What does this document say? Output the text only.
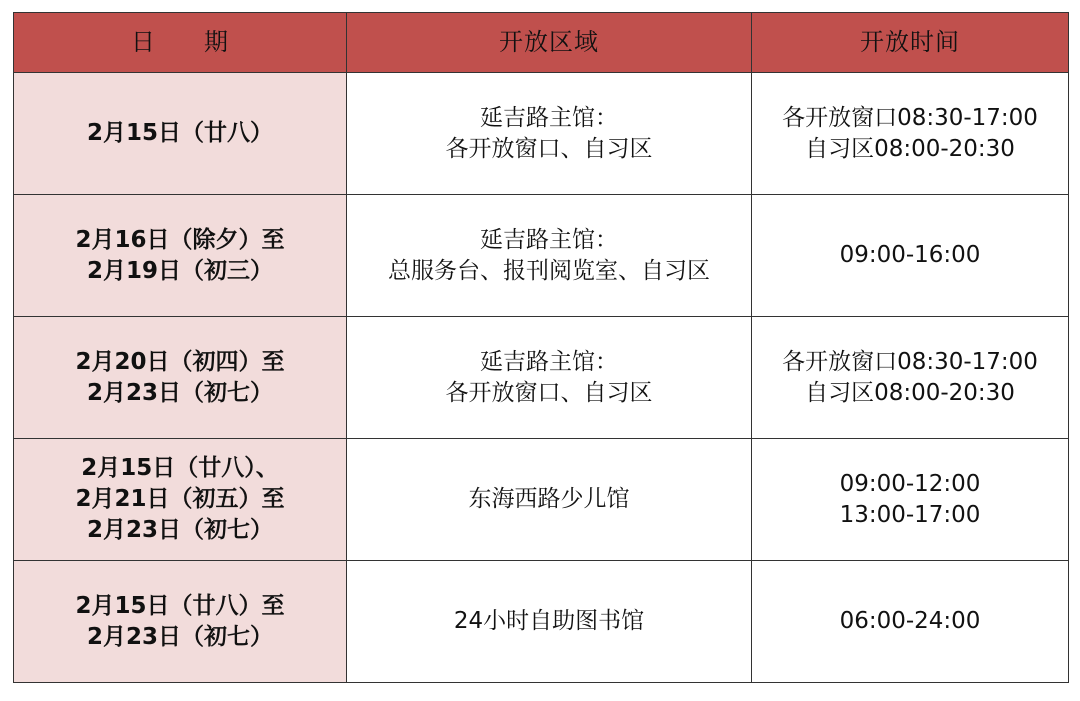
日 期	开放区域	开放时间

2月15日（廿八）	延吉路主馆：
各开放窗口、自习区	各开放窗口08:30-17:00
自习区08:00-20:30

2月16日（除夕）至
2月19日（初三）	延吉路主馆：
总服务台、报刊阅览室、自习区	09:00-16:00

2月20日（初四）至
2月23日（初七）	延吉路主馆：
各开放窗口、自习区	各开放窗口08:30-17:00
自习区08:00-20:30

2月15日（廿八）、
2月21日（初五）至
2月23日（初七）	东海西路少儿馆	09:00-12:00
13:00-17:00

2月15日（廿八）至
2月23日（初七）	24小时自助图书馆	06:00-24:00
